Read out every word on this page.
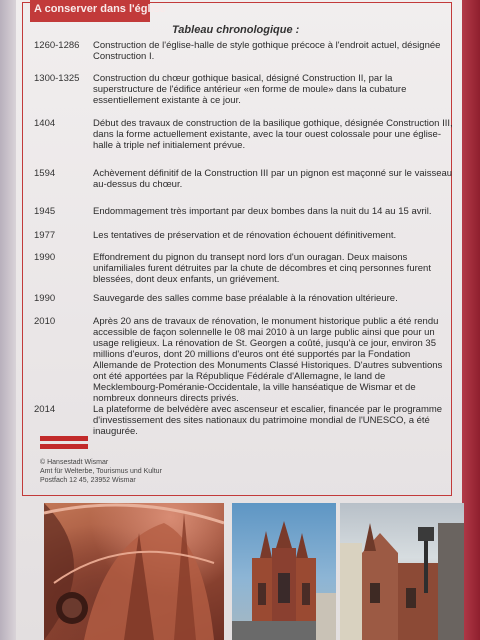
A conserver dans l'église
Tableau chronologique :
1260-1286 Construction de l'église-halle de style gothique précoce à l'endroit actuel, désignée Construction I.
1300-1325 Construction du chœur gothique basical, désigné Construction II, par la superstructure de l'édifice antérieur «en forme de moule» dans la cubature essentiellement existante à ce jour.
1404	Début des travaux de construction de la basilique gothique, désignée Construction III, dans la forme actuellement existante, avec la tour ouest colossale pour une église-halle à triple nef initialement prévue.
1594	Achèvement définitif de la Construction III par un pignon est maçonné sur le vaisseau au-dessus du chœur.
1945	Endommagement très important par deux bombes dans la nuit du 14 au 15 avril.
1977	Les tentatives de préservation et de rénovation échouent définitivement.
1990	Effondrement du pignon du transept nord lors d'un ouragan. Deux maisons unifamiliales furent détruites par la chute de décombres et cinq personnes furent blessées, dont deux enfants, un griévement.
1990	Sauvegarde des salles comme base préalable à la rénovation ultérieure.
2010	Après 20 ans de travaux de rénovation, le monument historique public a été rendu accessible de façon solennelle le 08 mai 2010 à un large public ainsi que pour un usage religieux. La rénovation de St. Georgen a coûté, jusqu'à ce jour, environ 35 millions d'euros, dont 20 millions d'euros ont été supportés par la Fondation Allemande de Protection des Monuments Classé Historiques. D'autres subventions ont été apportées par la République Fédérale d'Allemagne, le land de Mecklembourg-Poméranie-Occidentale, la ville hanséatique de Wismar et de nombreux donneurs directs privés.
2014	La plateforme de belvédère avec ascenseur et escalier, financée par le programme d'investissement des sites nationaux du patrimoine mondial de l'UNESCO, a été inaugurée.
© Hansestadt Wismar
Amt für Welterbe, Tourismus und Kultur
Postfach 12 45, 23952 Wismar
